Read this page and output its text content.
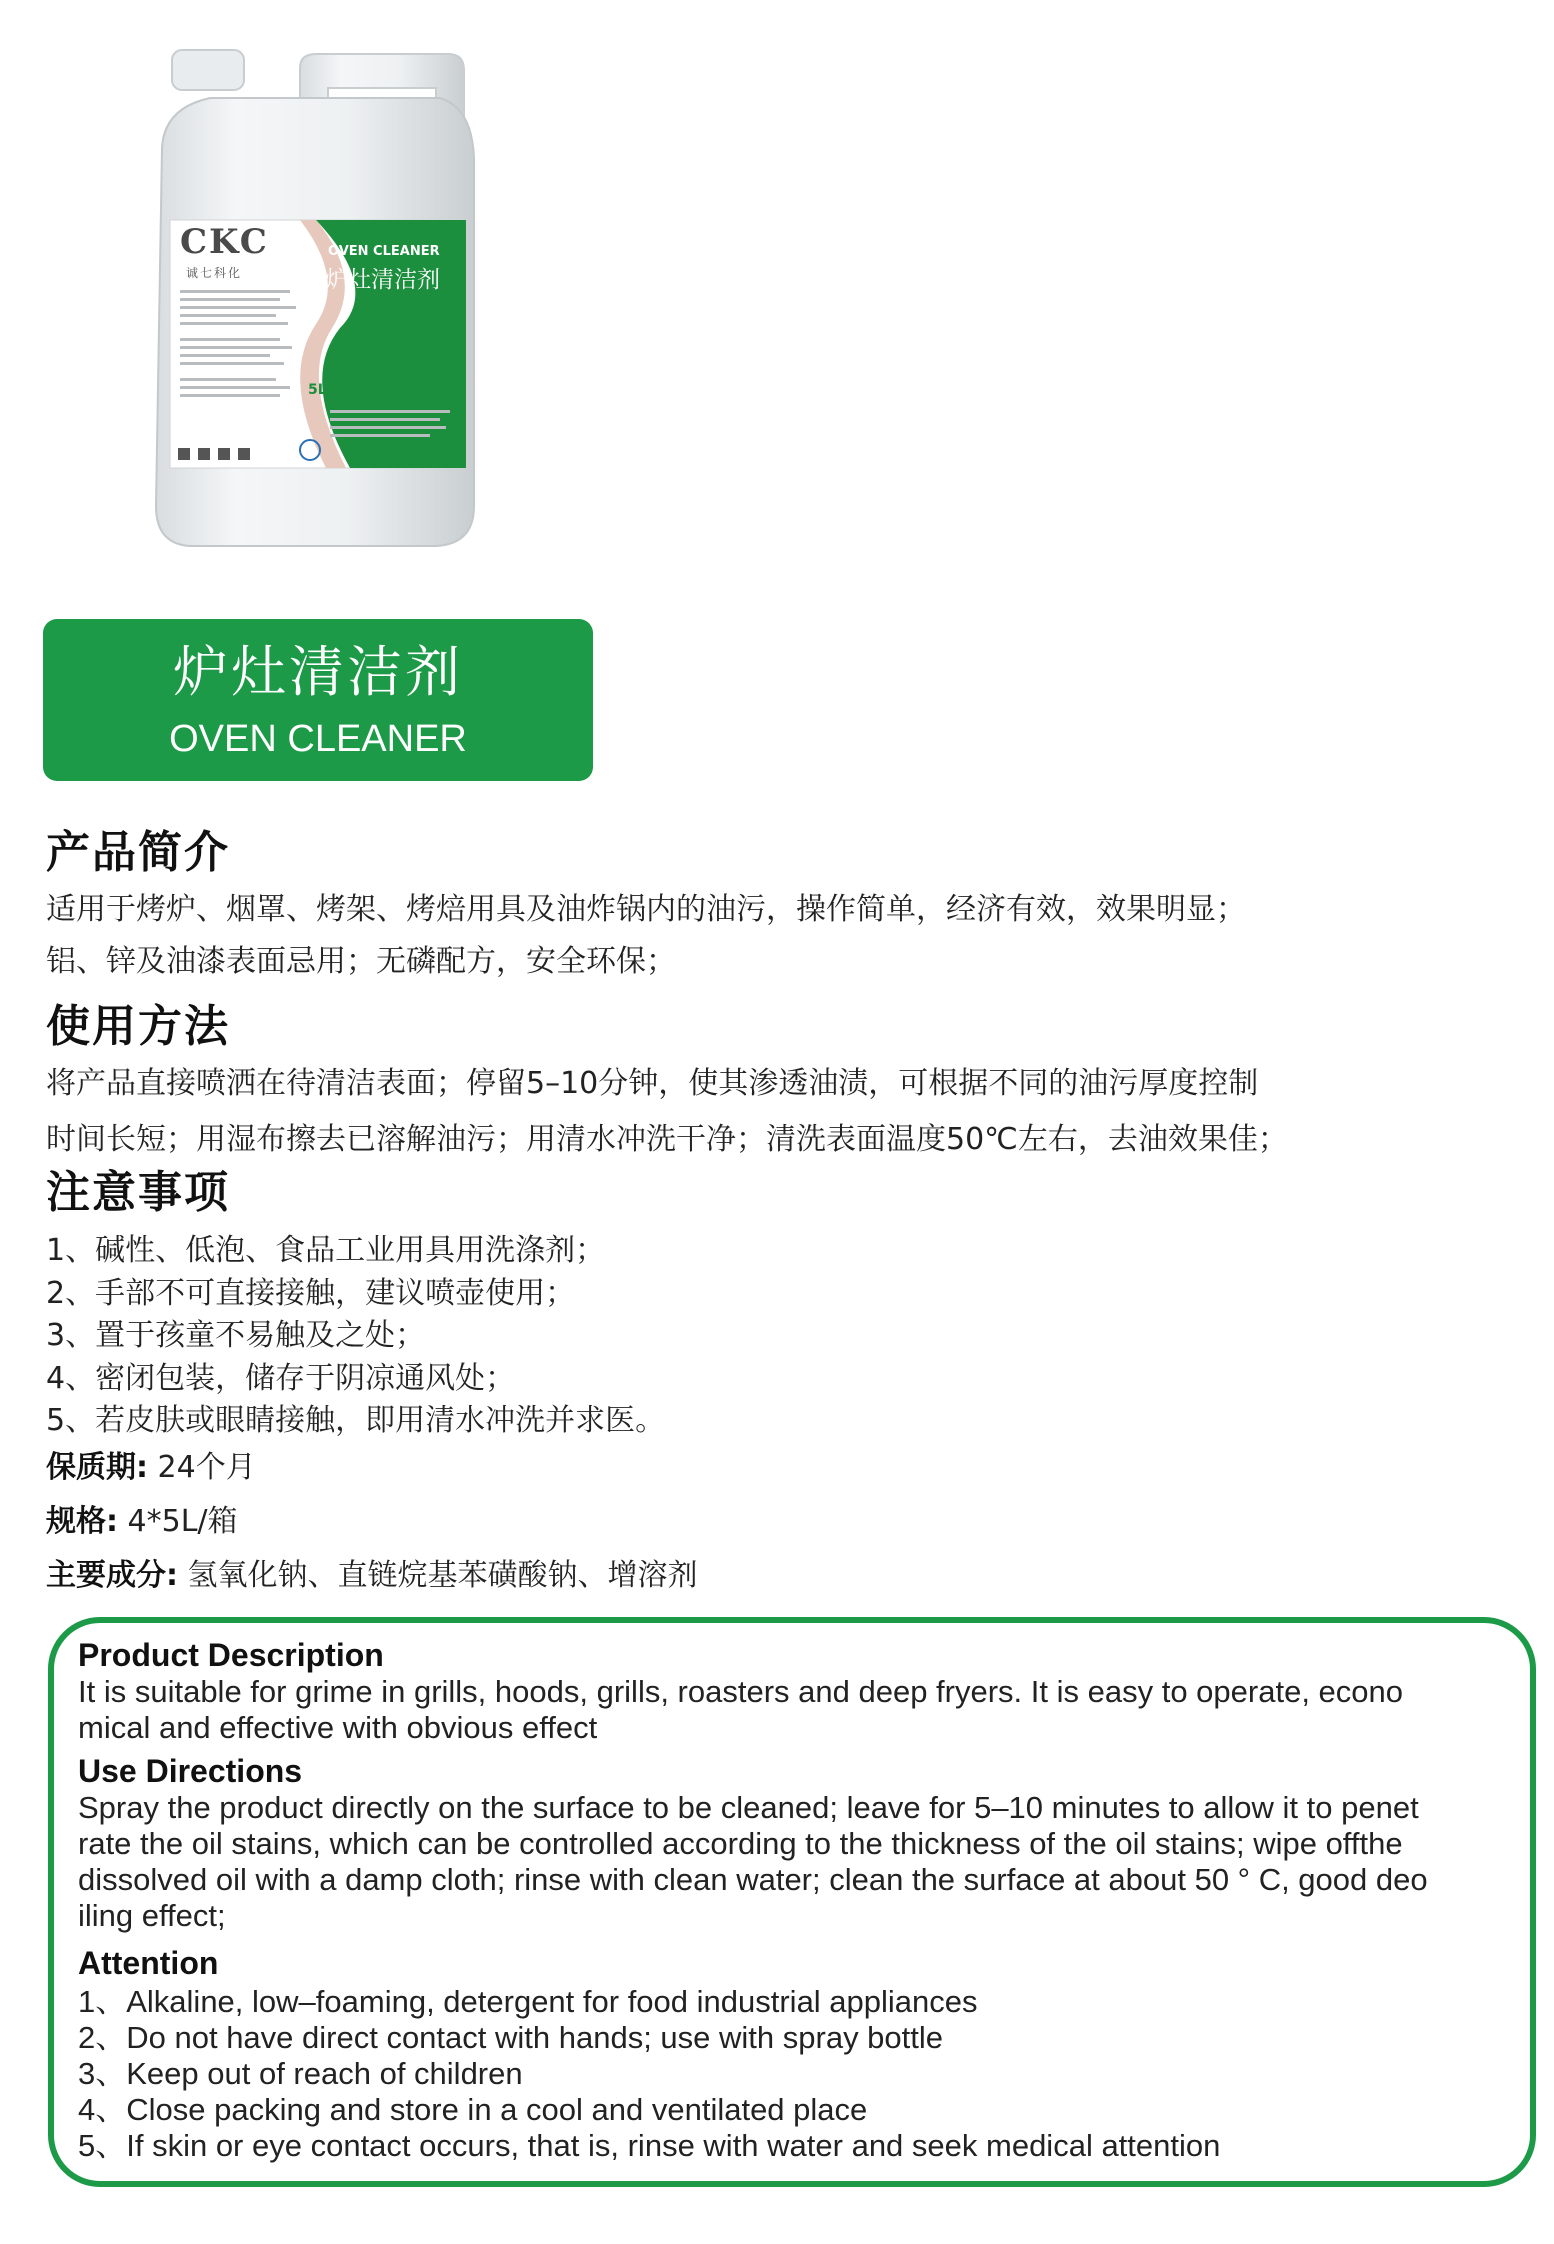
CKC
诚七科化
OVEN CLEANER
炉灶清洁剂
5L
炉灶清洁剂
OVEN CLEANER
产品简介
适用于烤炉、烟罩、烤架、烤焙用具及油炸锅内的油污，操作简单，经济有效，效果明显；
铝、锌及油漆表面忌用；无磷配方，安全环保；
使用方法
将产品直接喷洒在待清洁表面；停留5–10分钟，使其渗透油渍，可根据不同的油污厚度控制
时间长短；用湿布擦去已溶解油污；用清水冲洗干净；清洗表面温度50℃左右，去油效果佳；
注意事项
1、碱性、低泡、食品工业用具用洗涤剂；
2、手部不可直接接触，建议喷壶使用；
3、置于孩童不易触及之处；
4、密闭包装，储存于阴凉通风处；
5、若皮肤或眼睛接触，即用清水冲洗并求医。
保质期: 24个月
规格: 4*5L/箱
主要成分: 氢氧化钠、直链烷基苯磺酸钠、增溶剂
Product Description
It is suitable for grime in grills, hoods, grills, roasters and deep fryers. It is easy to operate, econo
mical and effective with obvious effect
Use Directions
Spray the product directly on the surface to be cleaned; leave for 5–10 minutes to allow it to penet
rate the oil stains, which can be controlled according to the thickness of the oil stains; wipe offthe
dissolved oil with a damp cloth; rinse with clean water; clean the surface at about 50 ° C, good deo
iling effect;
Attention
1、Alkaline, low–foaming, detergent for food industrial appliances
2、Do not have direct contact with hands; use with spray bottle
3、Keep out of reach of children
4、Close packing and store in a cool and ventilated place
5、If skin or eye contact occurs, that is, rinse with water and seek medical attention
